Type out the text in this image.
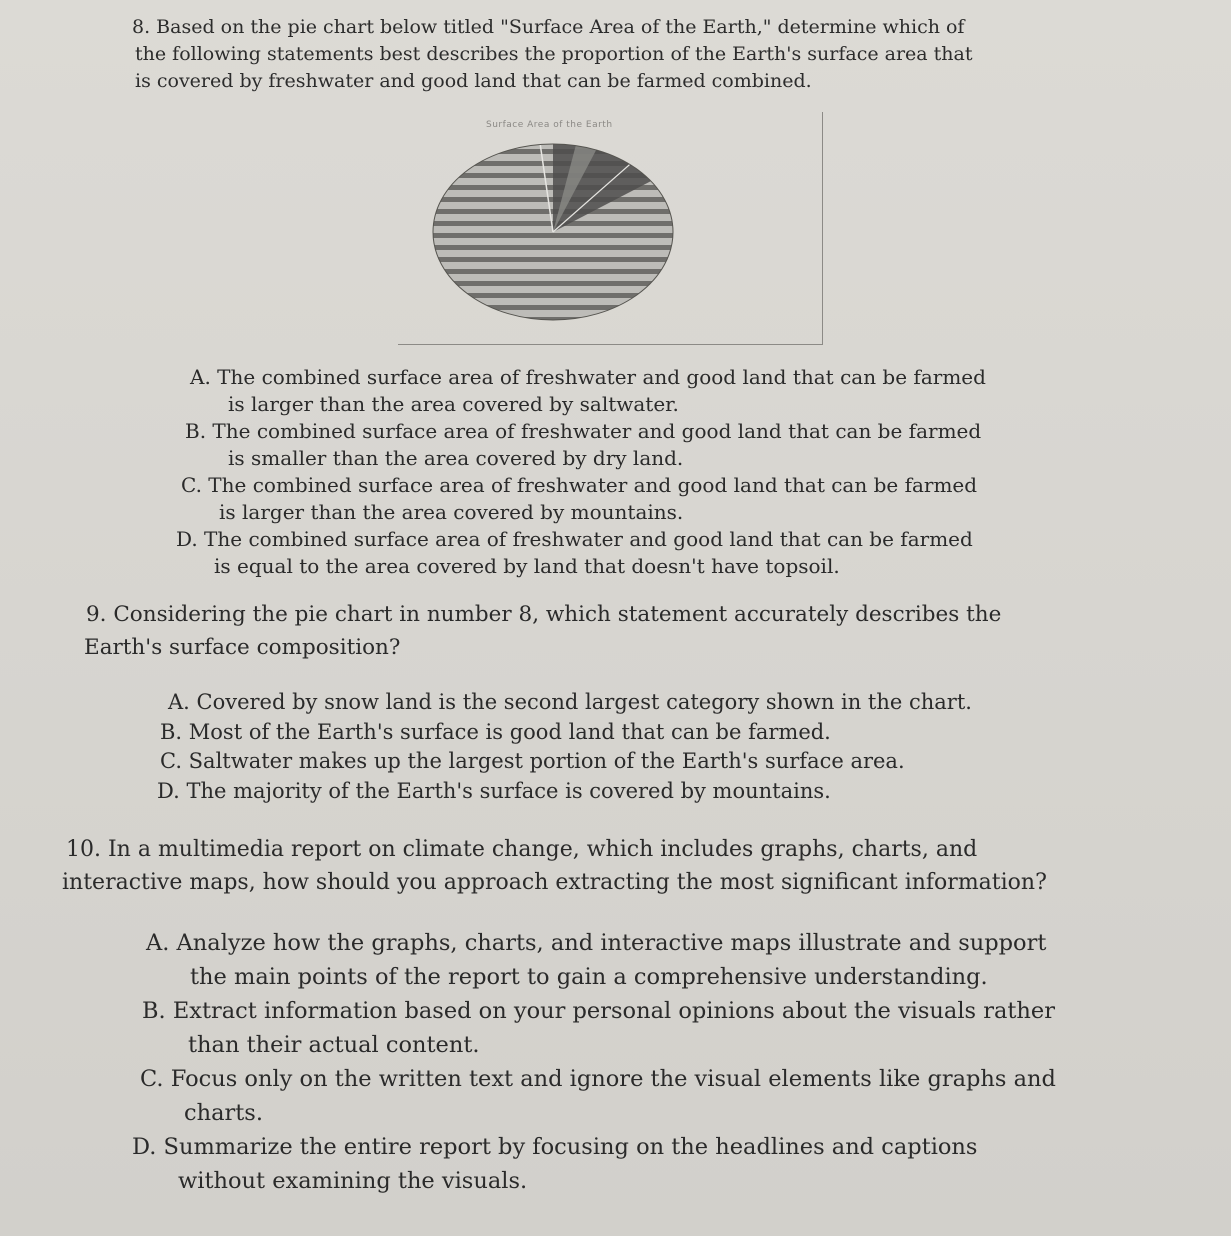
8. Based on the pie chart below titled "Surface Area of the Earth," determine which of
the following statements best describes the proportion of the Earth's surface area that
is covered by freshwater and good land that can be farmed combined.

Surface Area of the Earth
A. The combined surface area of freshwater and good land that can be farmed
is larger than the area covered by saltwater.
B. The combined surface area of freshwater and good land that can be farmed
is smaller than the area covered by dry land.
C. The combined surface area of freshwater and good land that can be farmed
is larger than the area covered by mountains.
D. The combined surface area of freshwater and good land that can be farmed
is equal to the area covered by land that doesn't have topsoil.

9. Considering the pie chart in number 8, which statement accurately describes the
Earth's surface composition?

A. Covered by snow land is the second largest category shown in the chart.
B. Most of the Earth's surface is good land that can be farmed.
C. Saltwater makes up the largest portion of the Earth's surface area.
D. The majority of the Earth's surface is covered by mountains.

10. In a multimedia report on climate change, which includes graphs, charts, and
interactive maps, how should you approach extracting the most significant information?

A. Analyze how the graphs, charts, and interactive maps illustrate and support
the main points of the report to gain a comprehensive understanding.
B. Extract information based on your personal opinions about the visuals rather
than their actual content.
C. Focus only on the written text and ignore the visual elements like graphs and
charts.
D. Summarize the entire report by focusing on the headlines and captions
without examining the visuals.
